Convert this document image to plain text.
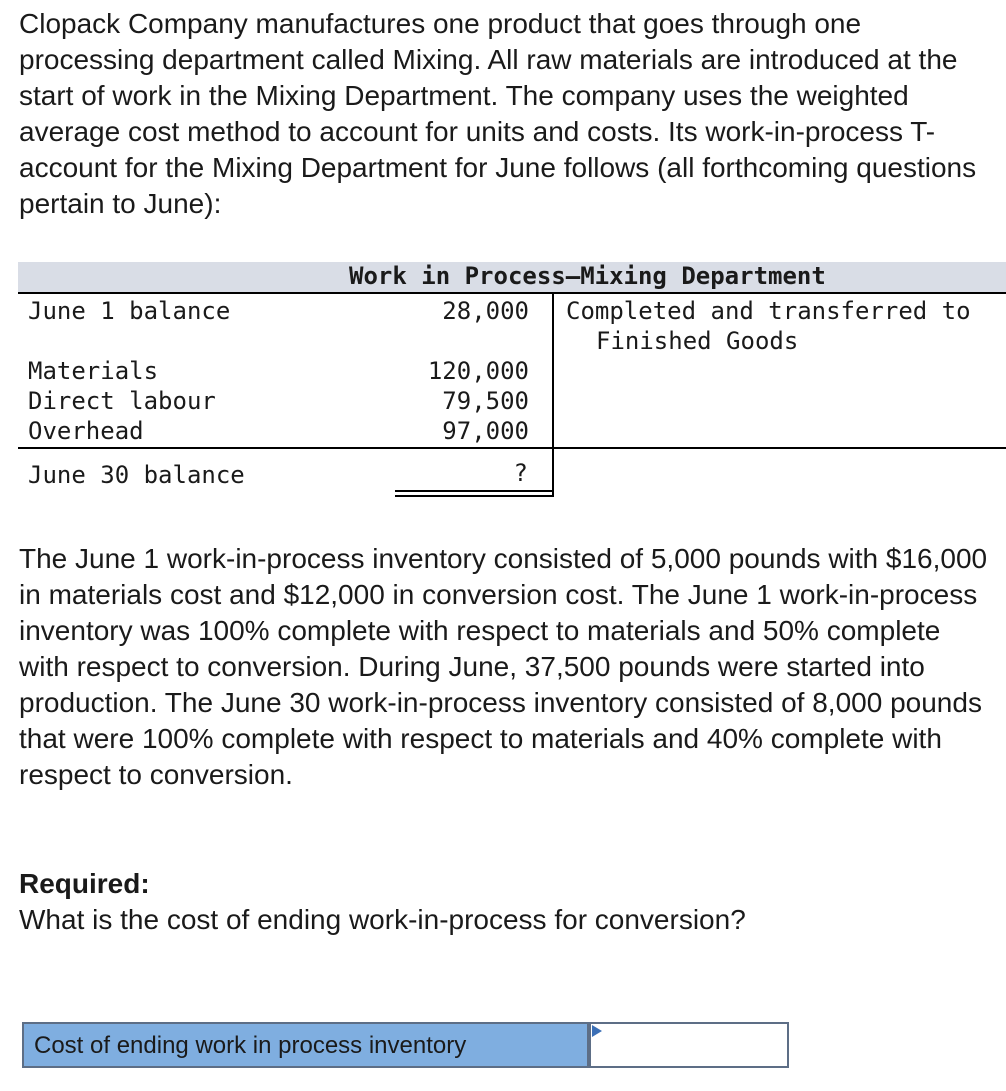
Clopack Company manufactures one product that goes through one processing department called Mixing. All raw materials are introduced at the start of work in the Mixing Department. The company uses the weighted average cost method to account for units and costs. Its work-in-process T-account for the Mixing Department for June follows (all forthcoming questions pertain to June):

Work in Process—Mixing Department
June 1 balance	28,000 Completed and transferred to
Finished Goods
Materials	120,000
Direct labour	79,500
Overhead	97,000
June 30 balance	?

The June 1 work-in-process inventory consisted of 5,000 pounds with $16,000 in materials cost and $12,000 in conversion cost. The June 1 work-in-process inventory was 100% complete with respect to materials and 50% complete with respect to conversion. During June, 37,500 pounds were started into production. The June 30 work-in-process inventory consisted of 8,000 pounds that were 100% complete with respect to materials and 40% complete with respect to conversion.

Required:
What is the cost of ending work-in-process for conversion?
Cost of ending work in process inventory
